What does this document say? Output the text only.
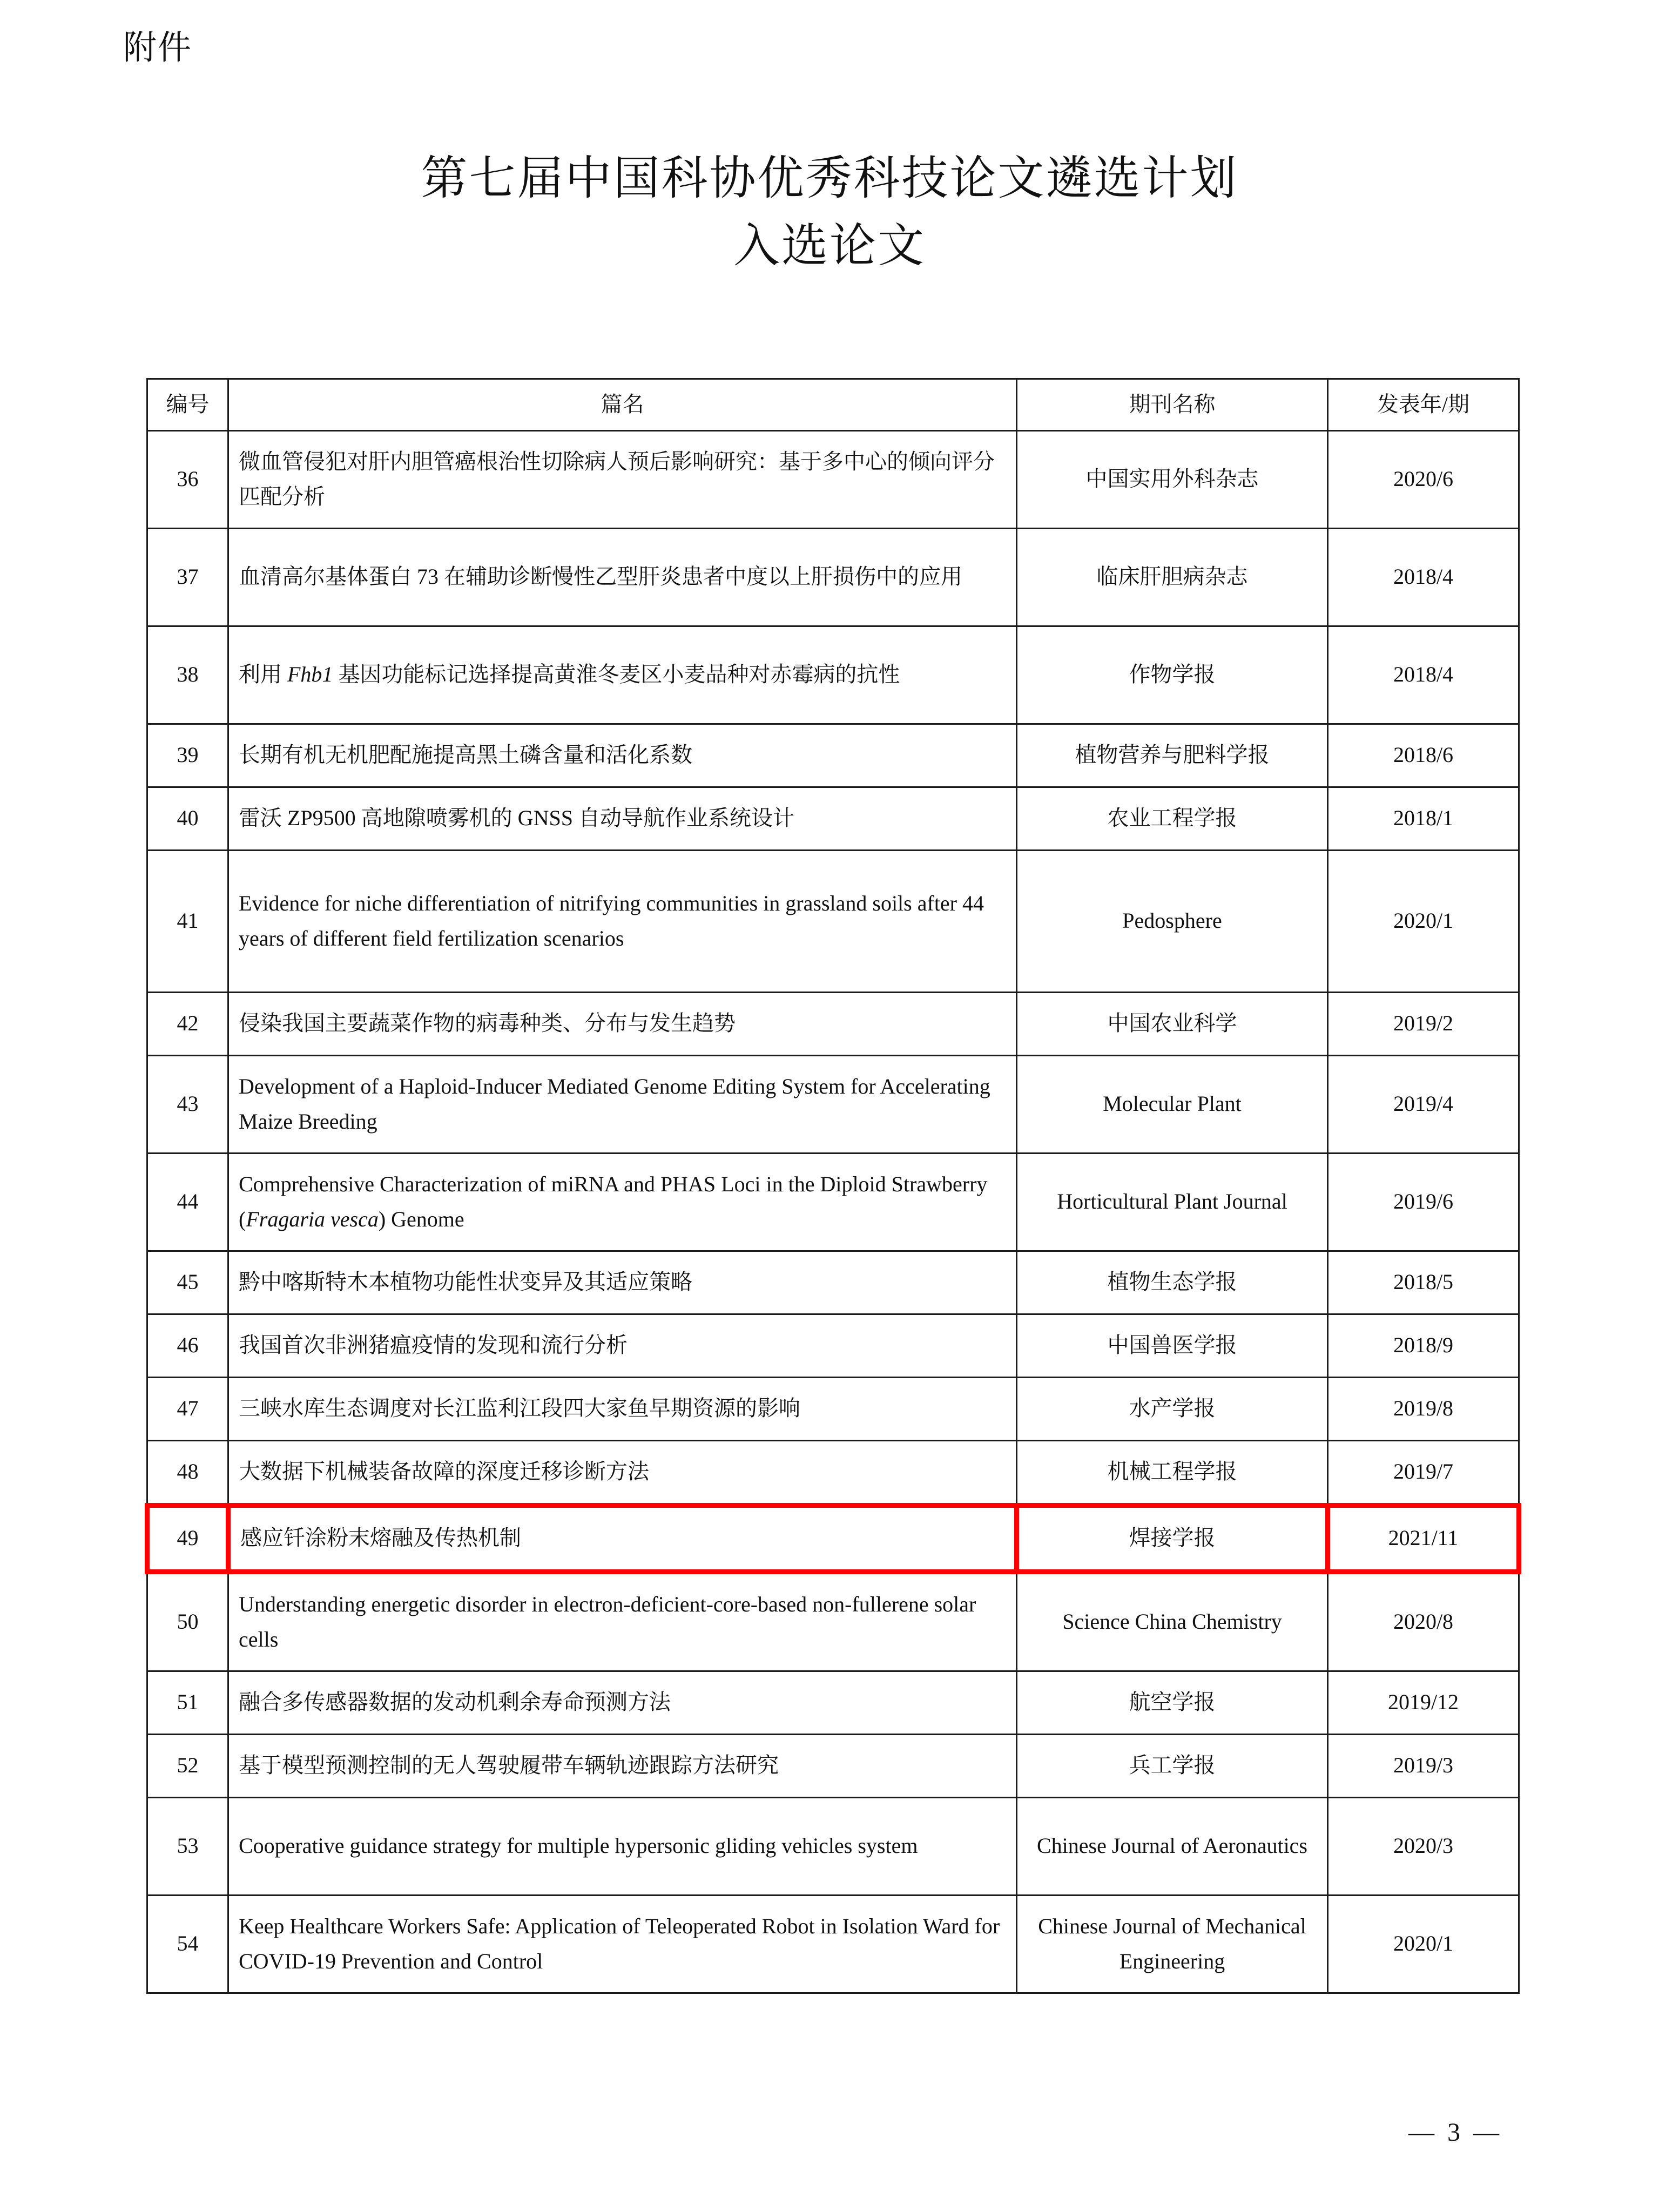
附件
第七届中国科协优秀科技论文遴选计划
入选论文
编号	篇名	期刊名称	发表年/期
36	微血管侵犯对肝内胆管癌根治性切除病人预后影响研究：基于多中心的倾向评分匹配分析	中国实用外科杂志	2020/6
37	血清高尔基体蛋白 73 在辅助诊断慢性乙型肝炎患者中度以上肝损伤中的应用	临床肝胆病杂志	2018/4
38	利用 Fhb1 基因功能标记选择提高黄淮冬麦区小麦品种对赤霉病的抗性	作物学报	2018/4
39	长期有机无机肥配施提高黑土磷含量和活化系数	植物营养与肥料学报	2018/6
40	雷沃 ZP9500 高地隙喷雾机的 GNSS 自动导航作业系统设计	农业工程学报	2018/1
41	Evidence for niche differentiation of nitrifying communities in grassland soils after 44 years of different field fertilization scenarios	Pedosphere	2020/1
42	侵染我国主要蔬菜作物的病毒种类、分布与发生趋势	中国农业科学	2019/2
43	Development of a Haploid-Inducer Mediated Genome Editing System for Accelerating Maize Breeding	Molecular Plant	2019/4
44	Comprehensive Characterization of miRNA and PHAS Loci in the Diploid Strawberry (Fragaria vesca) Genome	Horticultural Plant Journal	2019/6
45	黔中喀斯特木本植物功能性状变异及其适应策略	植物生态学报	2018/5
46	我国首次非洲猪瘟疫情的发现和流行分析	中国兽医学报	2018/9
47	三峡水库生态调度对长江监利江段四大家鱼早期资源的影响	水产学报	2019/8
48	大数据下机械装备故障的深度迁移诊断方法	机械工程学报	2019/7
49	感应钎涂粉末熔融及传热机制	焊接学报	2021/11
50	Understanding energetic disorder in electron-deficient-core-based non-fullerene solar cells	Science China Chemistry	2020/8
51	融合多传感器数据的发动机剩余寿命预测方法	航空学报	2019/12
52	基于模型预测控制的无人驾驶履带车辆轨迹跟踪方法研究	兵工学报	2019/3
53	Cooperative guidance strategy for multiple hypersonic gliding vehicles system	Chinese Journal of Aeronautics	2020/3
54	Keep Healthcare Workers Safe: Application of Teleoperated Robot in Isolation Ward for COVID-19 Prevention and Control	Chinese Journal of Mechanical Engineering	2020/1
— 3 —
